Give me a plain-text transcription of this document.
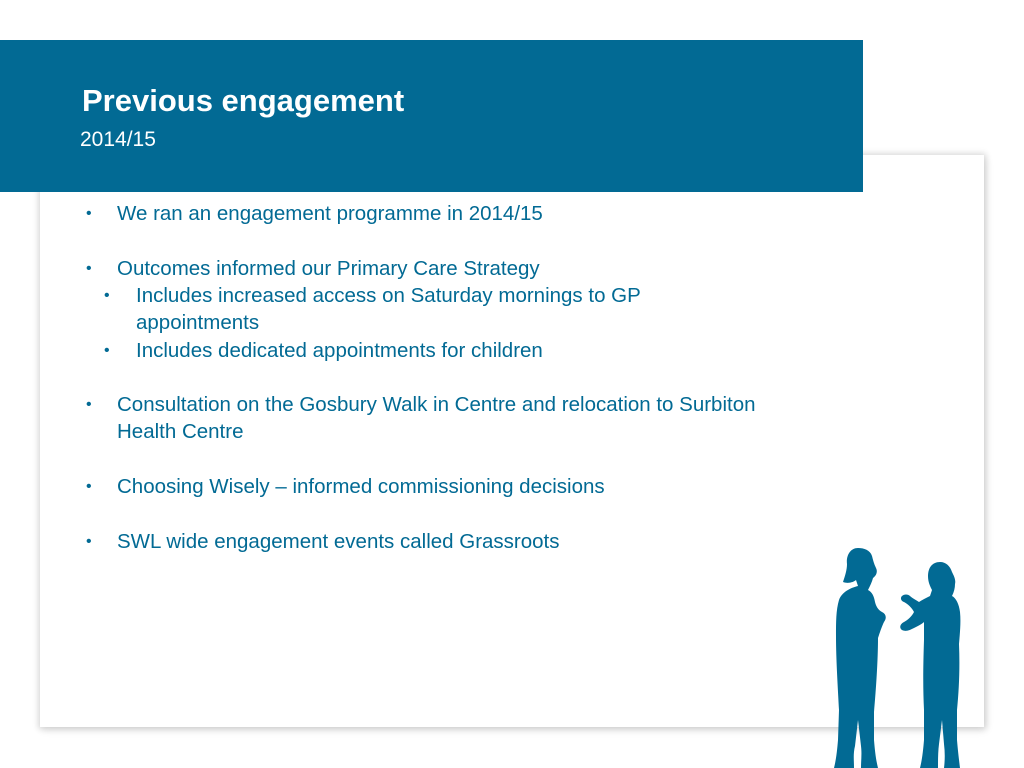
Previous engagement

2014/15

• We ran an engagement programme in 2014/15
• Outcomes informed our Primary Care Strategy
• Includes increased access on Saturday mornings to GP
appointments
• Includes dedicated appointments for children
• Consultation on the Gosbury Walk in Centre and relocation to Surbiton
Health Centre
• Choosing Wisely – informed commissioning decisions
• SWL wide engagement events called Grassroots
